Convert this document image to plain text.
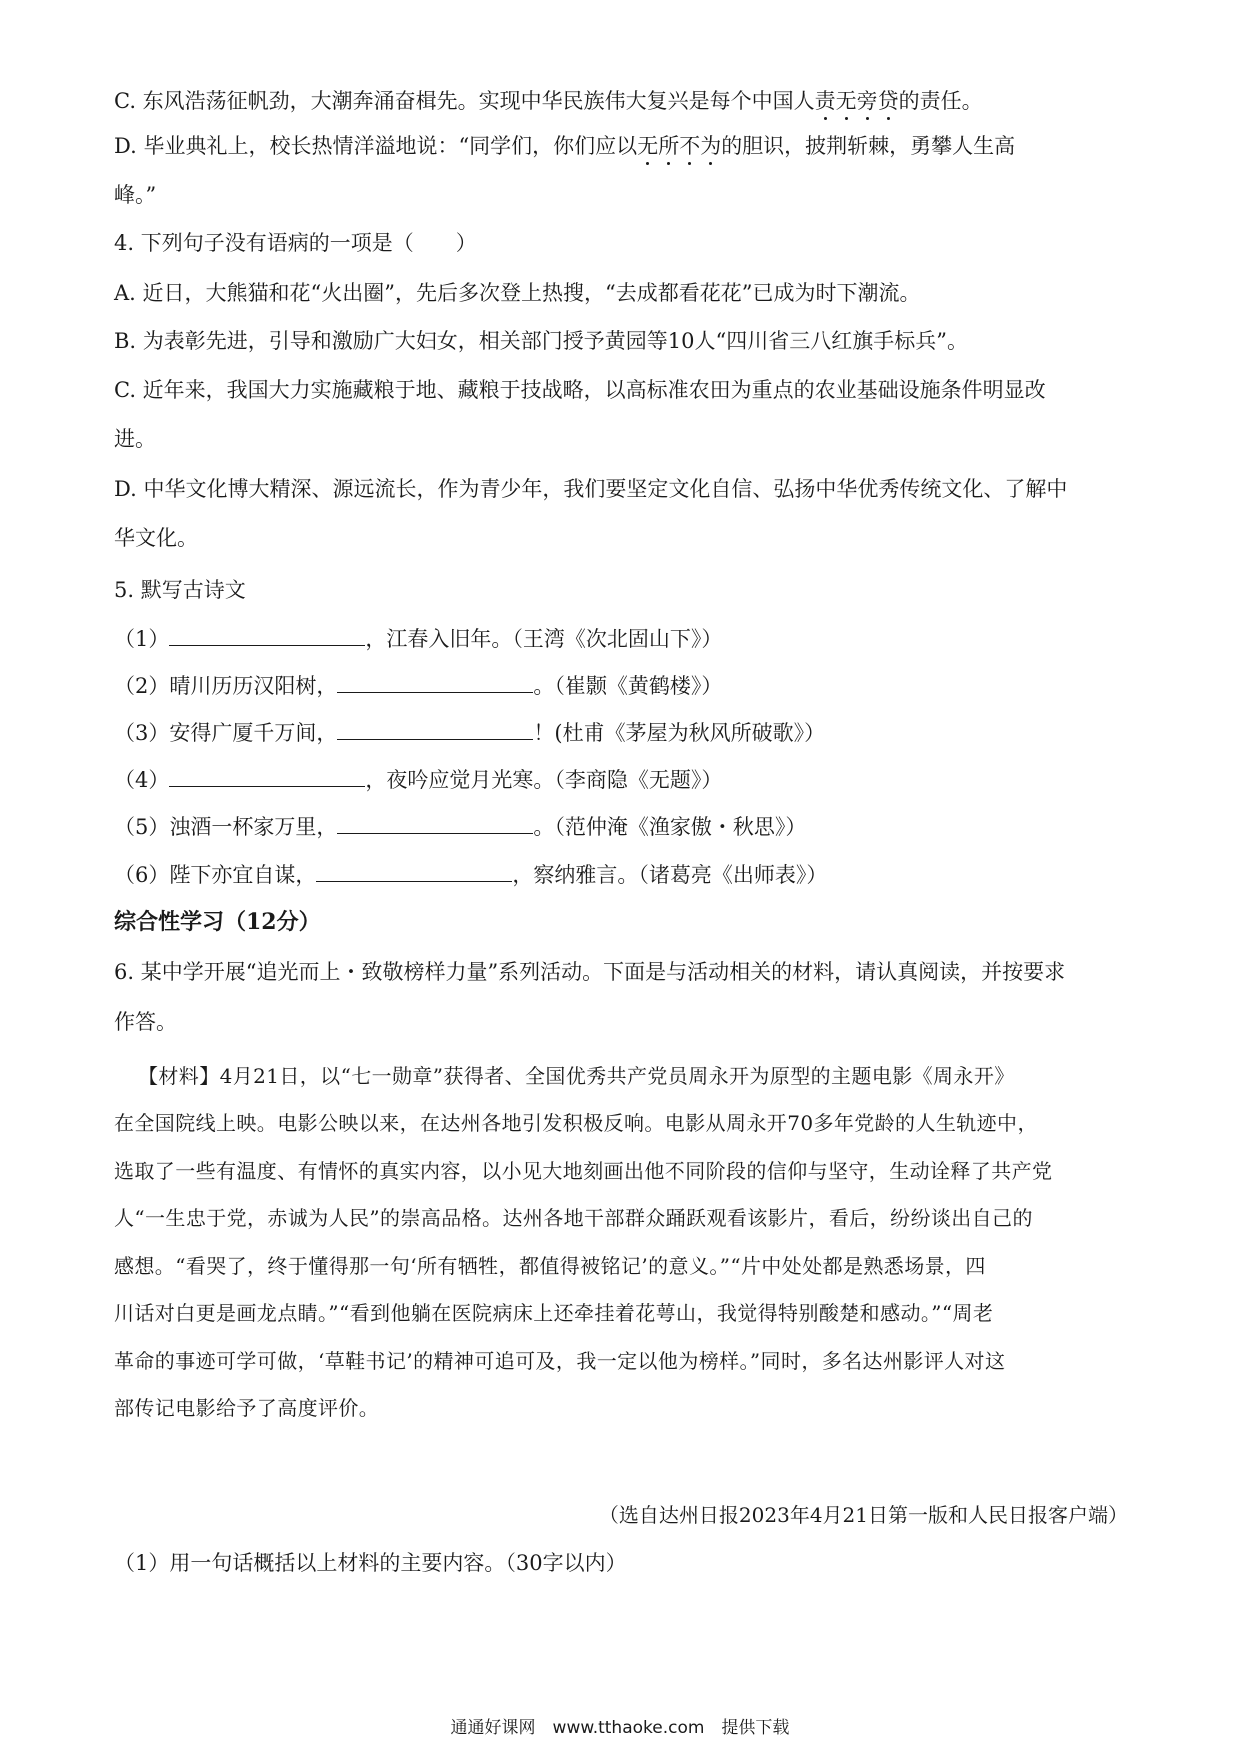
C. 东风浩荡征帆劲，大潮奔涌奋楫先。实现中华民族伟大复兴是每个中国人责无旁贷的责任。
D. 毕业典礼上，校长热情洋溢地说：“同学们，你们应以无所不为的胆识，披荆斩棘，勇攀人生高
峰。”
4. 下列句子没有语病的一项是（　　）
A. 近日，大熊猫和花“火出圈”，先后多次登上热搜，“去成都看花花”已成为时下潮流。
B. 为表彰先进，引导和激励广大妇女，相关部门授予黄园等10人“四川省三八红旗手标兵”。
C. 近年来，我国大力实施藏粮于地、藏粮于技战略，以高标准农田为重点的农业基础设施条件明显改
进。
D. 中华文化博大精深、源远流长，作为青少年，我们要坚定文化自信、弘扬中华优秀传统文化、了解中
华文化。
5. 默写古诗文
（1）	，江春入旧年。（王湾《次北固山下》）
（2）晴川历历汉阳树，	。（崔颢《黄鹤楼》）
（3）安得广厦千万间，	！(杜甫《茅屋为秋风所破歌》）
（4）	，夜吟应觉月光寒。（李商隐《无题》）
（5）浊酒一杯家万里，	。（范仲淹《渔家傲・秋思》）
（6）陛下亦宜自谋，	，察纳雅言。（诸葛亮《出师表》）
综合性学习（12分）
6. 某中学开展“追光而上・致敬榜样力量”系列活动。下面是与活动相关的材料，请认真阅读，并按要求
作答。
【材料】4月21日，以“七一勋章”获得者、全国优秀共产党员周永开为原型的主题电影《周永开》
在全国院线上映。电影公映以来，在达州各地引发积极反响。电影从周永开70多年党龄的人生轨迹中，
选取了一些有温度、有情怀的真实内容，以小见大地刻画出他不同阶段的信仰与坚守，生动诠释了共产党
人“一生忠于党，赤诚为人民”的崇高品格。达州各地干部群众踊跃观看该影片，看后，纷纷谈出自己的
感想。“看哭了，终于懂得那一句‘所有牺牲，都值得被铭记’的意义。”“片中处处都是熟悉场景，四
川话对白更是画龙点睛。”“看到他躺在医院病床上还牵挂着花萼山，我觉得特别酸楚和感动。”“周老
革命的事迹可学可做，‘草鞋书记’的精神可追可及，我一定以他为榜样。”同时，多名达州影评人对这
部传记电影给予了高度评价。
（选自达州日报2023年4月21日第一版和人民日报客户端）
（1）用一句话概括以上材料的主要内容。（30字以内）
通通好课网　www.tthaoke.com　提供下载
